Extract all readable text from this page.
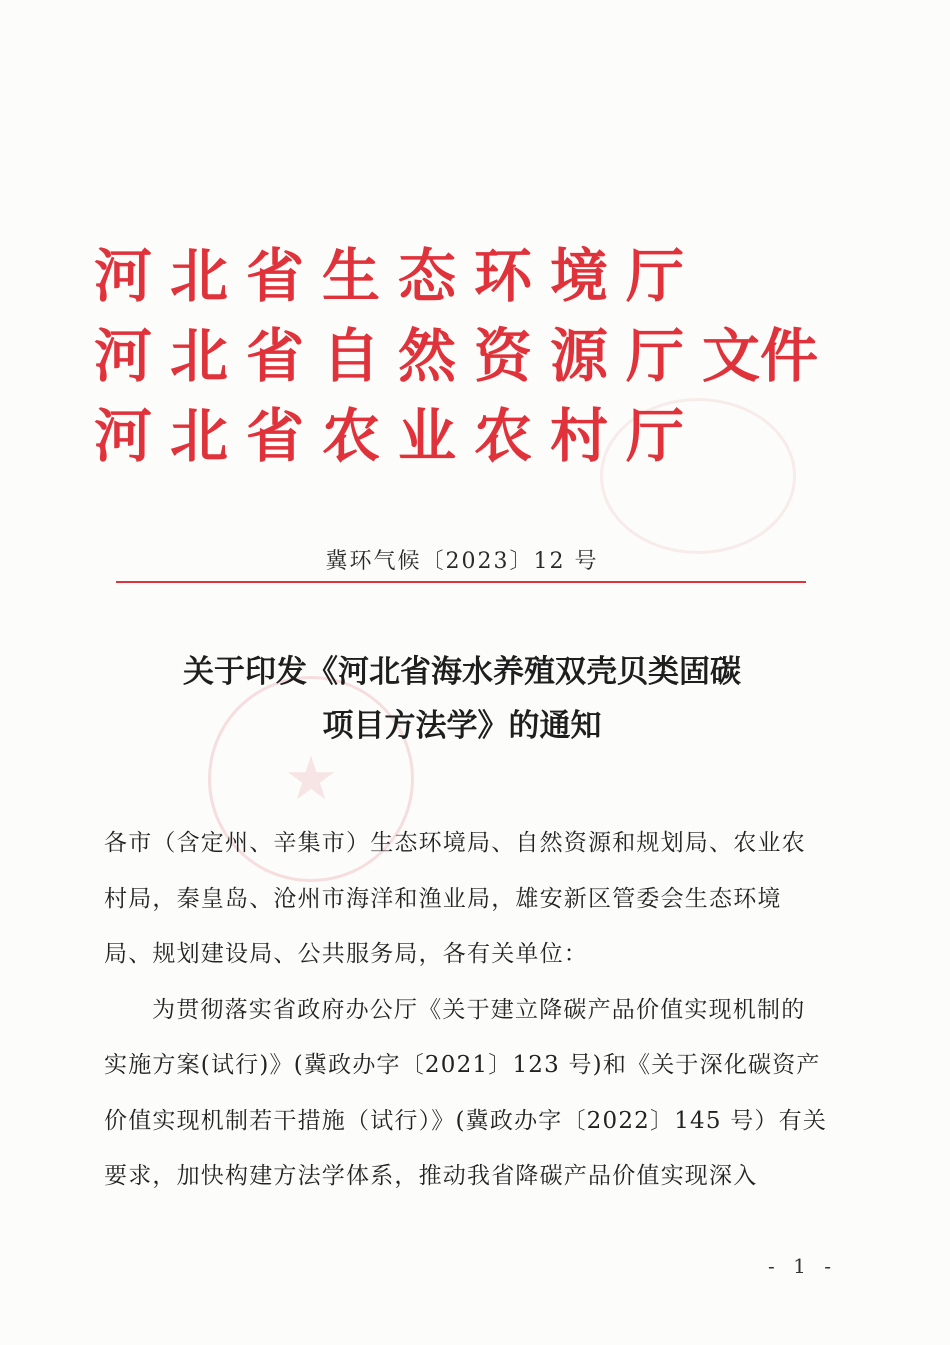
★
河北省生态环境厅
河北省自然资源厅文件
河北省农业农村厅
冀环气候〔2023〕12 号
关于印发《河北省海水养殖双壳贝类固碳
项目方法学》的通知

各市（含定州、辛集市）生态环境局、自然资源和规划局、农业农村局，秦皇岛、沧州市海洋和渔业局，雄安新区管委会生态环境局、规划建设局、公共服务局，各有关单位：

为贯彻落实省政府办公厅《关于建立降碳产品价值实现机制的实施方案(试行)》(冀政办字〔2021〕123 号)和《关于深化碳资产价值实现机制若干措施（试行）》(冀政办字〔2022〕145 号）有关要求，加快构建方法学体系，推动我省降碳产品价值实现深入

- 1 -
